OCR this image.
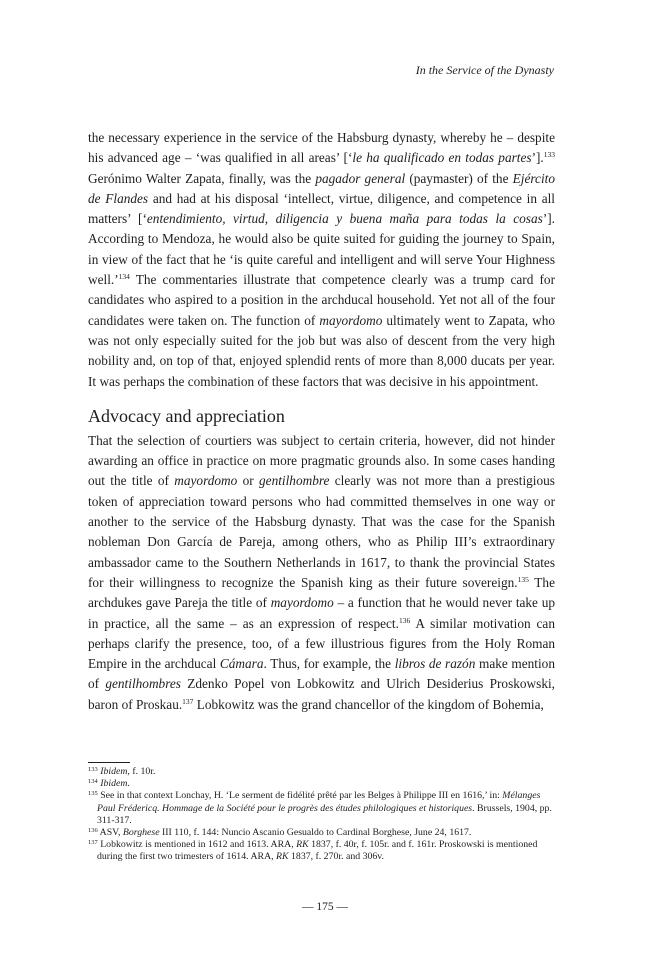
In the Service of the Dynasty

the necessary experience in the service of the Habsburg dynasty, whereby he – despite his advanced age – ‘was qualified in all areas’ [‘le ha qualificado en todas partes’].$^{133}$ Gerónimo Walter Zapata, finally, was the pagador general (paymaster) of the Ejército de Flandes and had at his disposal ‘intellect, virtue, diligence, and competence in all matters’ [‘entendimiento, virtud, diligencia y buena maña para todas la cosas’]. According to Mendoza, he would also be quite suited for guiding the journey to Spain, in view of the fact that he ‘is quite careful and intelligent and will serve Your Highness well.’$^{134}$ The commentaries illustrate that competence clearly was a trump card for candidates who aspired to a position in the archducal household. Yet not all of the four candidates were taken on. The function of mayordomo ultimately went to Zapata, who was not only especially suited for the job but was also of descent from the very high nobility and, on top of that, enjoyed splendid rents of more than 8,000 ducats per year. It was perhaps the combination of these factors that was decisive in his appointment.

Advocacy and appreciation

That the selection of courtiers was subject to certain criteria, however, did not hinder awarding an office in practice on more pragmatic grounds also. In some cases handing out the title of mayordomo or gentilhombre clearly was not more than a prestigious token of appreciation toward persons who had committed themselves in one way or another to the service of the Habsburg dynasty. That was the case for the Spanish nobleman Don García de Pareja, among others, who as Philip III’s extraordinary ambassador came to the Southern Netherlands in 1617, to thank the provincial States for their willingness to recognize the Spanish king as their future sovereign.$^{135}$ The archdukes gave Pareja the title of mayordomo – a function that he would never take up in practice, all the same – as an expression of respect.$^{136}$ A similar motivation can perhaps clarify the presence, too, of a few illustrious figures from the Holy Roman Empire in the archducal Cámara. Thus, for example, the libros de razón make mention of gentilhombres Zdenko Popel von Lobkowitz and Ulrich Desiderius Proskowski, baron of Proskau.$^{137}$ Lobkowitz was the grand chancellor of the kingdom of Bohemia,

$^{133}$ Ibidem, f. 10r.
$^{134}$ Ibidem.
$^{135}$ See in that context Lonchay, H. ‘Le serment de fidélité prêté par les Belges à Philippe III en 1616,’ in: Mélanges Paul Frédericq. Hommage de la Société pour le progrès des études philologiques et historiques. Brussels, 1904, pp. 311-317.
$^{136}$ ASV, Borghese III 110, f. 144: Nuncio Ascanio Gesualdo to Cardinal Borghese, June 24, 1617.
$^{137}$ Lobkowitz is mentioned in 1612 and 1613. ARA, RK 1837, f. 40r, f. 105r. and f. 161r. Proskowski is mentioned during the first two trimesters of 1614. ARA, RK 1837, f. 270r. and 306v.
— 175 —
